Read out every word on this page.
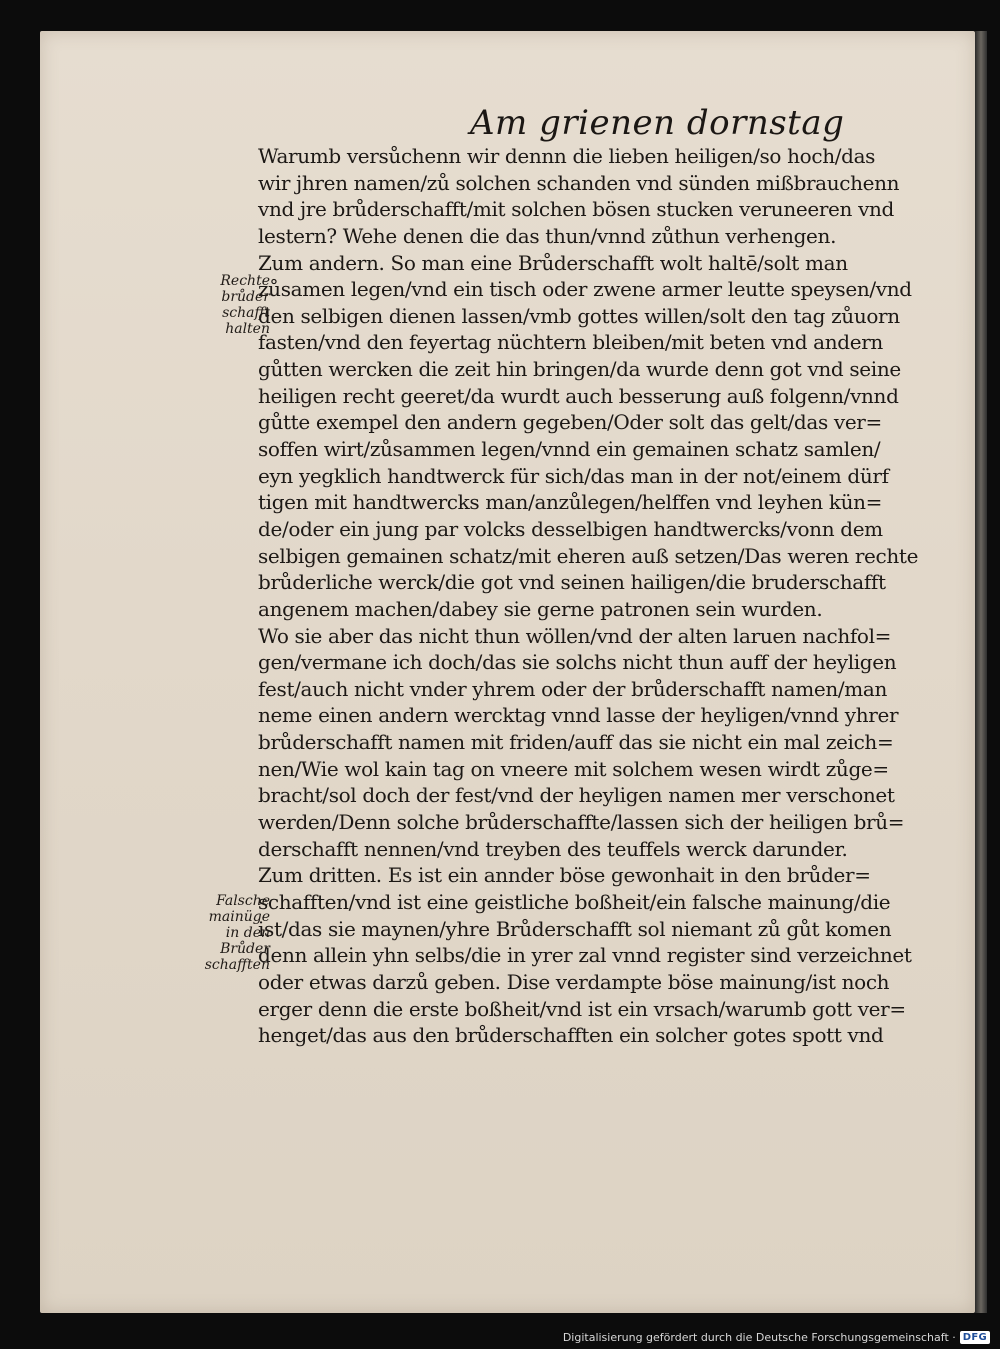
Am grienen dornstag
Warumb versůchenn wir dennn die lieben heiligen/so hoch/das
wir jhren namen/zů solchen schanden vnd sünden mißbrauchenn
vnd jre brůderschafft/mit solchen bösen stucken veruneeren vnd
lestern? Wehe denen die das thun/vnnd zůthun verhengen.
Zum andern. So man eine Brůderschafft wolt haltē/solt man
zůsamen legen/vnd ein tisch oder zwene armer leutte speysen/vnd
den selbigen dienen lassen/vmb gottes willen/solt den tag zůuorn
fasten/vnd den feyertag nüchtern bleiben/mit beten vnd andern
gůtten wercken die zeit hin bringen/da wurde denn got vnd seine
heiligen recht geeret/da wurdt auch besserung auß folgenn/vnnd
gůtte exempel den andern gegeben/Oder solt das gelt/das ver=
soffen wirt/zůsammen legen/vnnd ein gemainen schatz samlen/
eyn yegklich handtwerck für sich/das man in der not/einem dürf
tigen mit handtwercks man/anzůlegen/helffen vnd leyhen kün=
de/oder ein jung par volcks desselbigen handtwercks/vonn dem
selbigen gemainen schatz/mit eheren auß setzen/Das weren rechte
brůderliche werck/die got vnd seinen hailigen/die bruderschafft
angenem machen/dabey sie gerne patronen sein wurden.
Wo sie aber das nicht thun wöllen/vnd der alten laruen nachfol=
gen/vermane ich doch/das sie solchs nicht thun auff der heyligen
fest/auch nicht vnder yhrem oder der brůderschafft namen/man
neme einen andern wercktag vnnd lasse der heyligen/vnnd yhrer
brůderschafft namen mit friden/auff das sie nicht ein mal zeich=
nen/Wie wol kain tag on vneere mit solchem wesen wirdt zůge=
bracht/sol doch der fest/vnd der heyligen namen mer verschonet
werden/Denn solche brůderschaffte/lassen sich der heiligen brů=
derschafft nennen/vnd treyben des teuffels werck darunder.
Zum dritten. Es ist ein annder böse gewonhait in den brůder=
schafften/vnd ist eine geistliche boßheit/ein falsche mainung/die
ist/das sie maynen/yhre Brůderschafft sol niemant zů gůt komen
denn allein yhn selbs/die in yrer zal vnnd register sind verzeichnet
oder etwas darzů geben. Dise verdampte böse mainung/ist noch
erger denn die erste boßheit/vnd ist ein vrsach/warumb gott ver=
henget/das aus den brůderschafften ein solcher gotes spott vnd
Rechte
brůder
schafft
halten
Falsche
mainüge
in den
Brůder
schafften
Digitalisierung gefördert durch die Deutsche Forschungsgemeinschaft · DFG
